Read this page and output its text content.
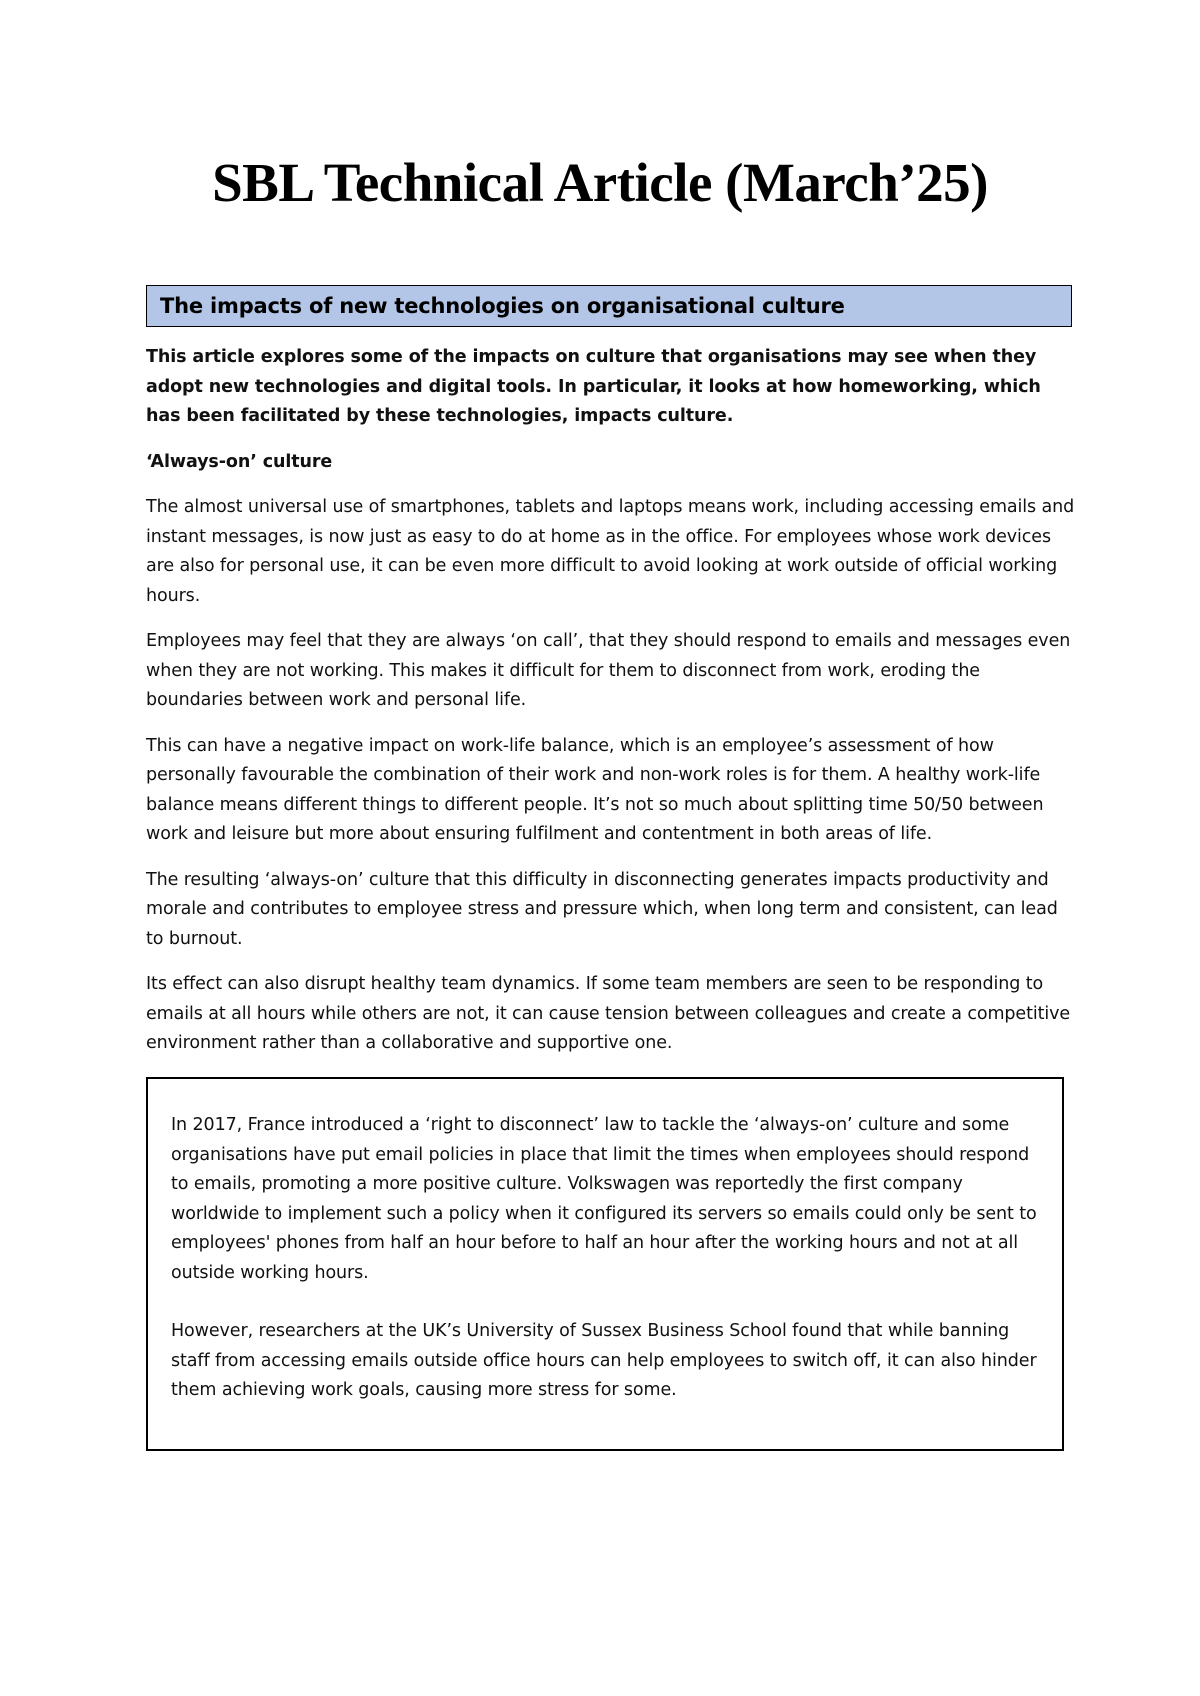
SBL Technical Article (March’25)
The impacts of new technologies on organisational culture

This article explores some of the impacts on culture that organisations may see when they adopt new technologies and digital tools. In particular, it looks at how homeworking, which has been facilitated by these technologies, impacts culture.

‘Always-on’ culture

The almost universal use of smartphones, tablets and laptops means work, including accessing emails and instant messages, is now just as easy to do at home as in the office. For employees whose work devices are also for personal use, it can be even more difficult to avoid looking at work outside of official working hours.

Employees may feel that they are always ‘on call’, that they should respond to emails and messages even when they are not working. This makes it difficult for them to disconnect from work, eroding the boundaries between work and personal life.

This can have a negative impact on work-life balance, which is an employee’s assessment of how personally favourable the combination of their work and non-work roles is for them. A healthy work-life balance means different things to different people. It’s not so much about splitting time 50/50 between work and leisure but more about ensuring fulfilment and contentment in both areas of life.

The resulting ‘always-on’ culture that this difficulty in disconnecting generates impacts productivity and morale and contributes to employee stress and pressure which, when long term and consistent, can lead to burnout.

Its effect can also disrupt healthy team dynamics. If some team members are seen to be responding to emails at all hours while others are not, it can cause tension between colleagues and create a competitive environment rather than a collaborative and supportive one.

In 2017, France introduced a ‘right to disconnect’ law to tackle the ‘always-on’ culture and some organisations have put email policies in place that limit the times when employees should respond to emails, promoting a more positive culture. Volkswagen was reportedly the first company worldwide to implement such a policy when it configured its servers so emails could only be sent to employees' phones from half an hour before to half an hour after the working hours and not at all outside working hours.

However, researchers at the UK’s University of Sussex Business School found that while banning staff from accessing emails outside office hours can help employees to switch off, it can also hinder them achieving work goals, causing more stress for some.
